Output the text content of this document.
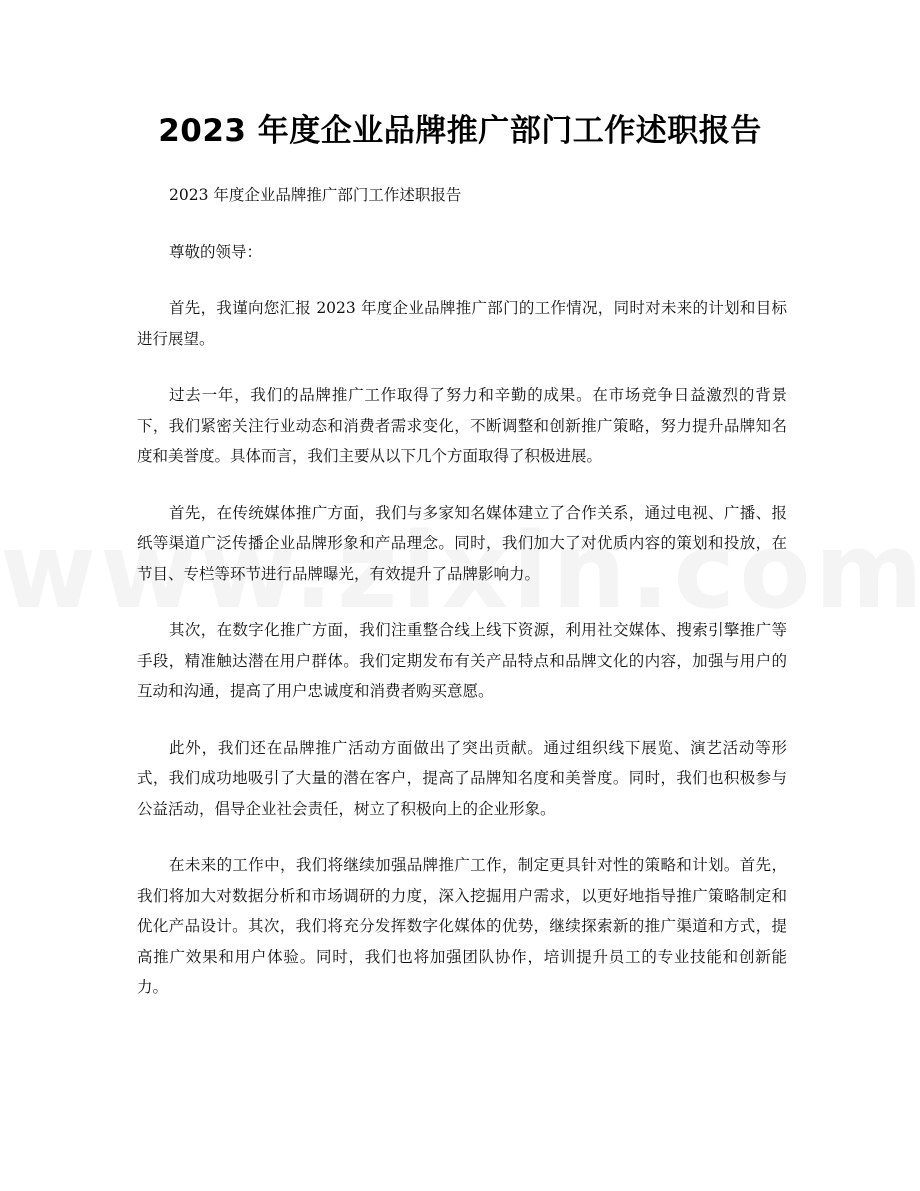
2023 年度企业品牌推广部门工作述职报告

2023 年度企业品牌推广部门工作述职报告

尊敬的领导：

首先，我谨向您汇报 2023 年度企业品牌推广部门的工作情况，同时对未来的计划和目标进行展望。

过去一年，我们的品牌推广工作取得了努力和辛勤的成果。在市场竞争日益激烈的背景下，我们紧密关注行业动态和消费者需求变化，不断调整和创新推广策略，努力提升品牌知名度和美誉度。具体而言，我们主要从以下几个方面取得了积极进展。

首先，在传统媒体推广方面，我们与多家知名媒体建立了合作关系，通过电视、广播、报纸等渠道广泛传播企业品牌形象和产品理念。同时，我们加大了对优质内容的策划和投放，在节目、专栏等环节进行品牌曝光，有效提升了品牌影响力。

其次，在数字化推广方面，我们注重整合线上线下资源，利用社交媒体、搜索引擎推广等手段，精准触达潜在用户群体。我们定期发布有关产品特点和品牌文化的内容，加强与用户的互动和沟通，提高了用户忠诚度和消费者购买意愿。

此外，我们还在品牌推广活动方面做出了突出贡献。通过组织线下展览、演艺活动等形式，我们成功地吸引了大量的潜在客户，提高了品牌知名度和美誉度。同时，我们也积极参与公益活动，倡导企业社会责任，树立了积极向上的企业形象。

在未来的工作中，我们将继续加强品牌推广工作，制定更具针对性的策略和计划。首先，我们将加大对数据分析和市场调研的力度，深入挖掘用户需求，以更好地指导推广策略制定和优化产品设计。其次，我们将充分发挥数字化媒体的优势，继续探索新的推广渠道和方式，提高推广效果和用户体验。同时，我们也将加强团队协作，培训提升员工的专业技能和创新能力。
